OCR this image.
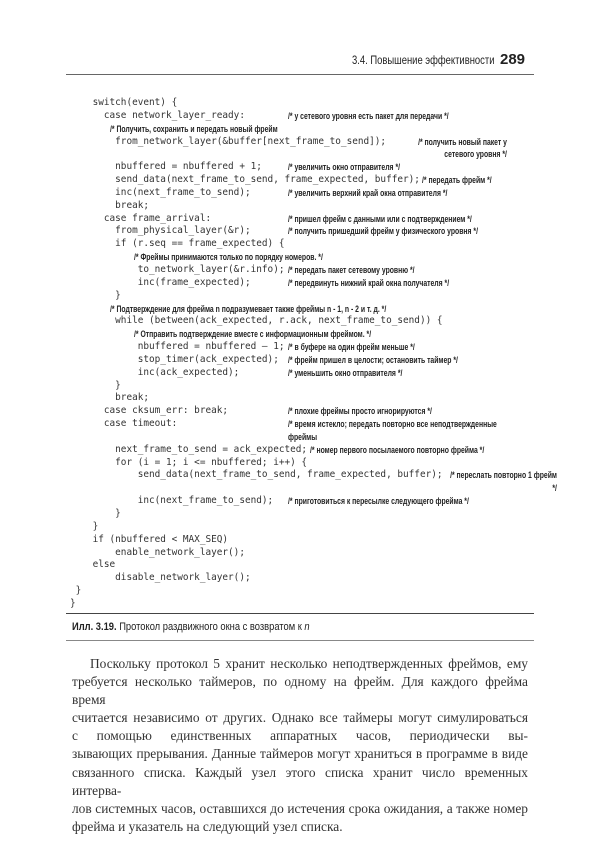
3.4. Повышение эффективности 289
switch(event) {
case network_layer_ready:	/* у сетевого уровня есть пакет для передачи */
/* Получить, сохранить и передать новый фрейм
from_network_layer(&buffer[next_frame_to_send]);	/* получить новый пакет у сетевого уровня */
nbuffered = nbuffered + 1;	/* увеличить окно отправителя */
send_data(next_frame_to_send, frame_expected, buffer); /* передать фрейм */
inc(next_frame_to_send);	/* увеличить верхний край окна отправителя */
break;
case frame_arrival:	/* пришел фрейм с данными или с подтверждением */
from_physical_layer(&r);	/* получить пришедший фрейм у физического уровня */
if (r.seq == frame_expected) {
/* Фреймы принимаются только по порядку номеров. */
to_network_layer(&r.info); /* передать пакет сетевому уровню */
inc(frame_expected);	/* передвинуть нижний край окна получателя */
}
/* Подтверждение для фрейма n подразумевает также фреймы n - 1, n - 2 и т. д. */
while (between(ack_expected, r.ack, next_frame_to_send)) {
/* Отправить подтверждение вместе с информационным фреймом. */
nbuffered = nbuffered – 1; /* в буфере на один фрейм меньше */
stop_timer(ack_expected); /* фрейм пришел в целости; остановить таймер */
inc(ack_expected);	/* уменьшить окно отправителя */
}
break;
case cksum_err: break;	/* плохие фреймы просто игнорируются */
case timeout:	/* время истекло; передать повторно все неподтвержденные фреймы
next_frame_to_send = ack_expected; /* номер первого посылаемого повторно фрейма */
for (i = 1; i <= nbuffered; i++) {
send_data(next_frame_to_send, frame_expected, buffer); /* переслать повторно 1 фрейм */
inc(next_frame_to_send); /* приготовиться к пересылке следующего фрейма */
}
}
if (nbuffered < MAX_SEQ)
enable_network_layer();
else
disable_network_layer();
}
}
Илл. 3.19. Протокол раздвижного окна с возвратом к n
Поскольку протокол 5 хранит несколько неподтвержденных фреймов, ему
требуется несколько таймеров, по одному на фрейм. Для каждого фрейма время
считается независимо от других. Однако все таймеры могут симулироваться
с помощью единственных аппаратных часов, периодически вы-
зывающих прерывания. Данные таймеров могут храниться в программе в виде
связанного списка. Каждый узел этого списка хранит число временных интерва-
лов системных часов, оставшихся до истечения срока ожидания, а также номер
фрейма и указатель на следующий узел списка.
